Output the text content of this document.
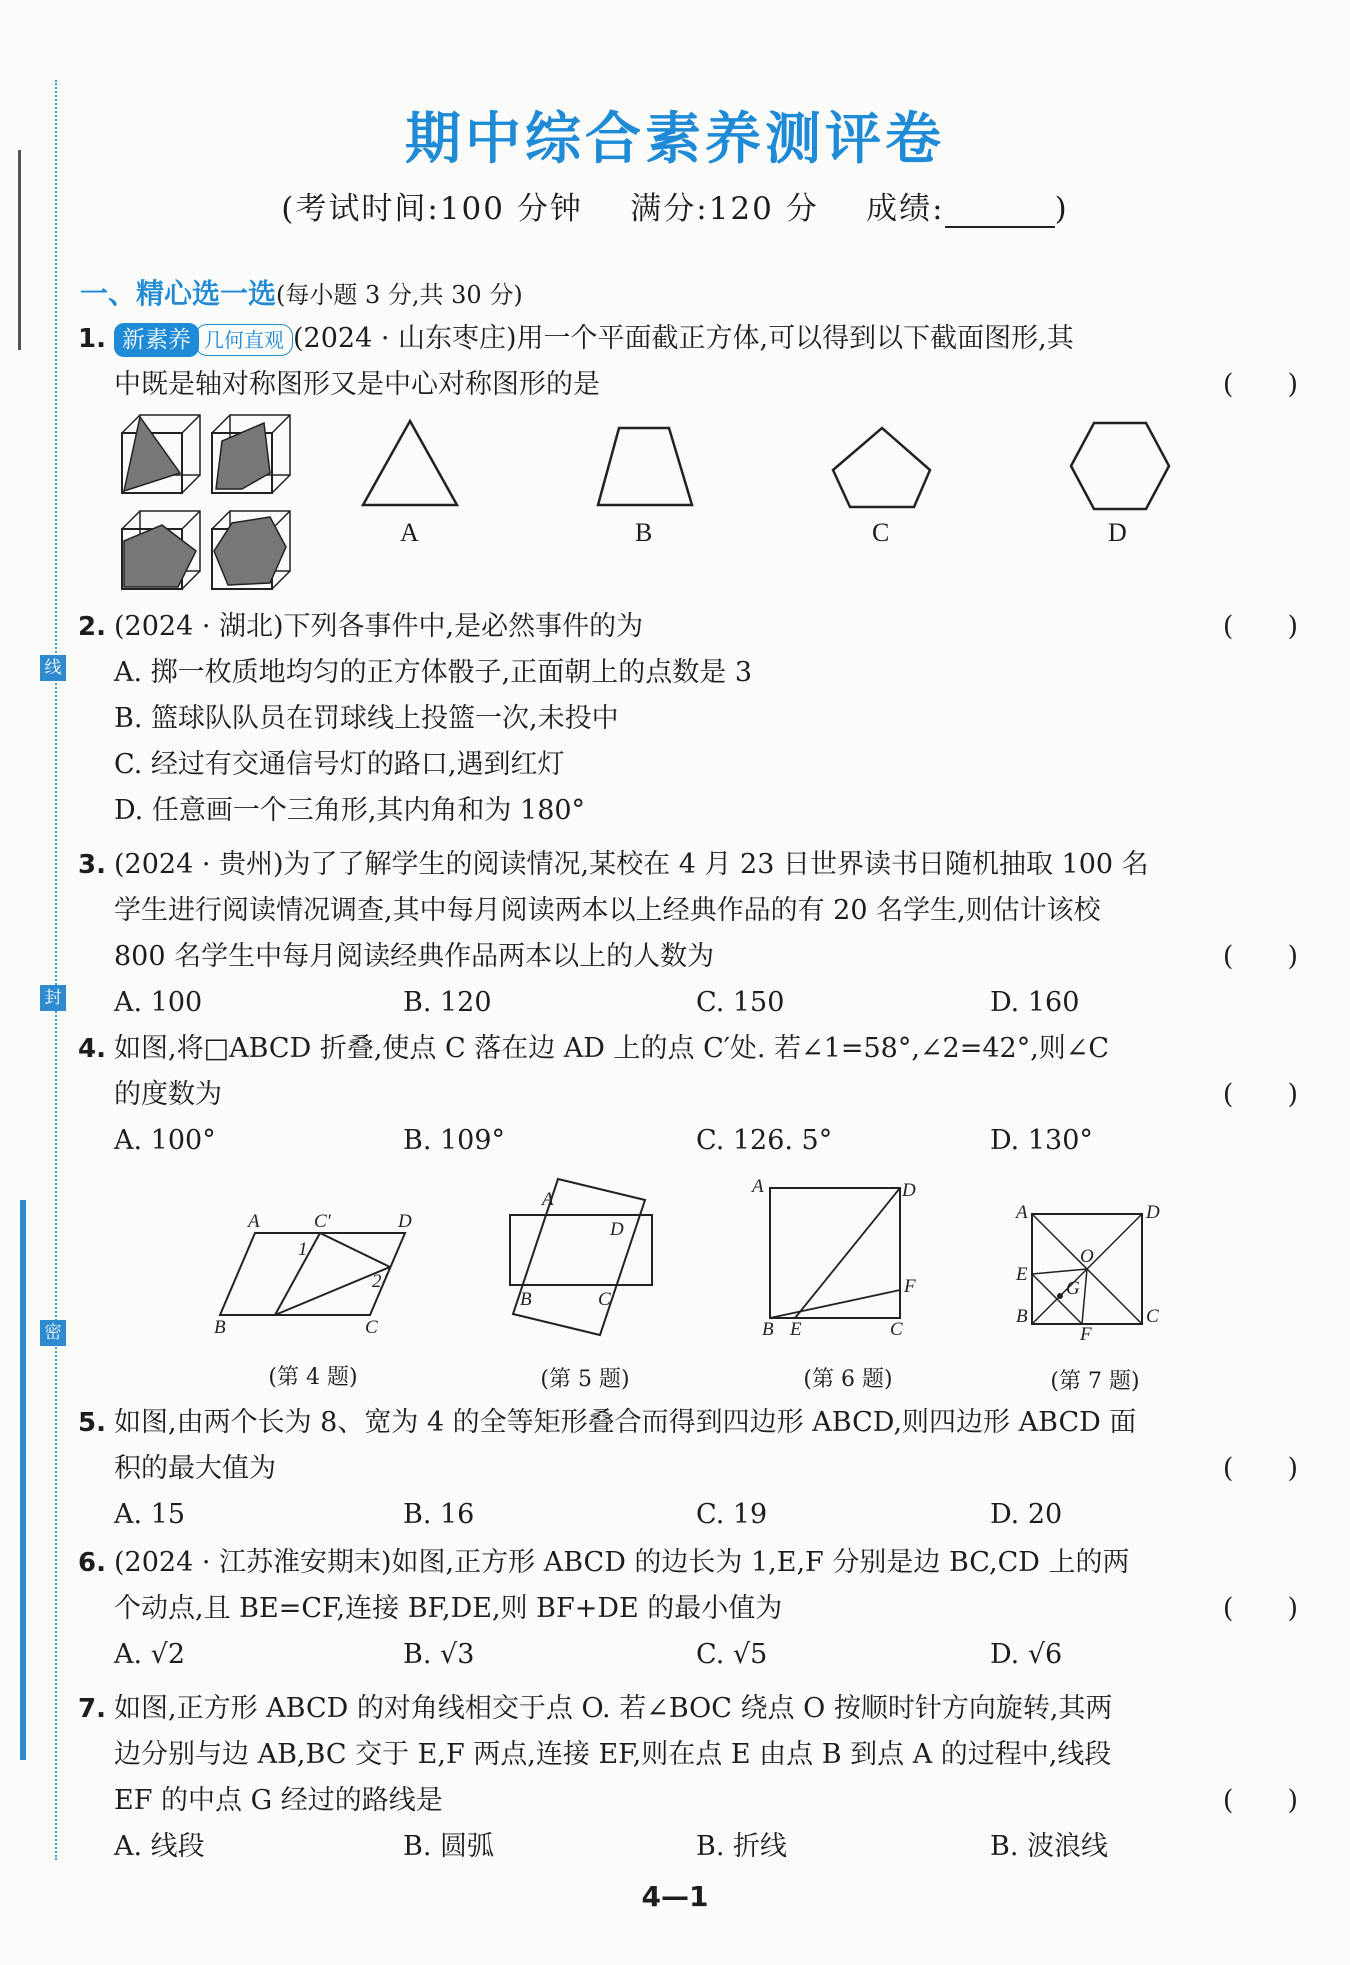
线
封
密
期中综合素养测评卷
(考试时间:100 分钟 满分:120 分 成绩:	)
一、精心选一选(每小题 3 分,共 30 分)
1. 新素养 几何直观 (2024 · 山东枣庄)用一个平面截正方体,可以得到以下截面图形,其
中既是轴对称图形又是中心对称图形的是	(　　)
A	B	C	D
2. (2024 · 湖北)下列各事件中,是必然事件的为	(　　)
A. 掷一枚质地均匀的正方体骰子,正面朝上的点数是 3
B. 篮球队队员在罚球线上投篮一次,未投中
C. 经过有交通信号灯的路口,遇到红灯
D. 任意画一个三角形,其内角和为 180°
3. (2024 · 贵州)为了了解学生的阅读情况,某校在 4 月 23 日世界读书日随机抽取 100 名
学生进行阅读情况调查,其中每月阅读两本以上经典作品的有 20 名学生,则估计该校
800 名学生中每月阅读经典作品两本以上的人数为	(　　)
A. 100	B. 120	C. 150	D. 160
4. 如图,将□ABCD 折叠,使点 C 落在边 AD 上的点 C′处. 若∠1=58°,∠2=42°,则∠C
的度数为	(　　)
A. 100°	B. 109°	C. 126. 5°	D. 130°
A	C′	D
1
2
B	C
A
D
B	C
A	D
F
B E	C
A	D
O
E
G
B
F
C
(第 4 题)	(第 5 题)	(第 6 题)	(第 7 题)
5. 如图,由两个长为 8、宽为 4 的全等矩形叠合而得到四边形 ABCD,则四边形 ABCD 面
积的最大值为	(　　)
A. 15	B. 16	C. 19	D. 20
6. (2024 · 江苏淮安期末)如图,正方形 ABCD 的边长为 1,E,F 分别是边 BC,CD 上的两
个动点,且 BE=CF,连接 BF,DE,则 BF+DE 的最小值为	(　　)
A. √2	B. √3	C. √5	D. √6
7. 如图,正方形 ABCD 的对角线相交于点 O. 若∠BOC 绕点 O 按顺时针方向旋转,其两
边分别与边 AB,BC 交于 E,F 两点,连接 EF,则在点 E 由点 B 到点 A 的过程中,线段
EF 的中点 G 经过的路线是	(　　)
A. 线段	B. 圆弧	B. 折线	B. 波浪线
4—1
